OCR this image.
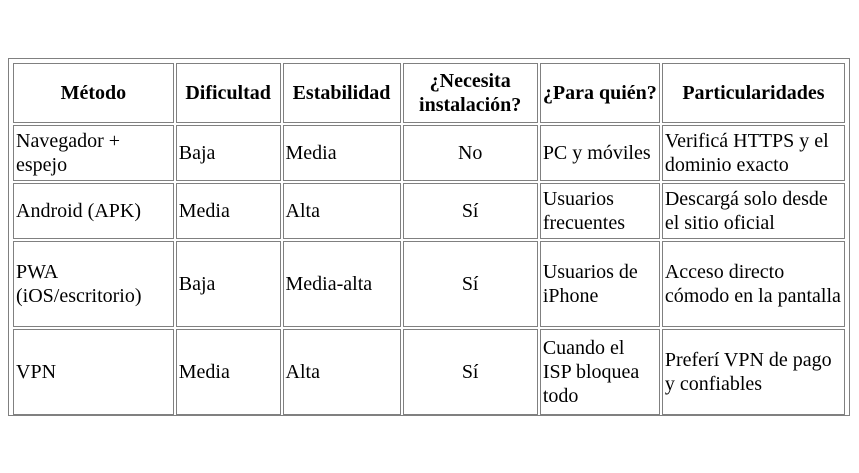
Método	Dificultad	Estabilidad	¿Necesita instalación?	¿Para quién?	Particularidades
Navegador + espejo	Baja	Media	No	PC y móviles	Verificá HTTPS y el dominio exacto
Android (APK)	Media	Alta	Sí	Usuarios frecuentes	Descargá solo desde el sitio oficial
PWA (iOS/escritorio)	Baja	Media-alta	Sí	Usuarios de iPhone	Acceso directo cómodo en la pantalla
VPN	Media	Alta	Sí	Cuando el ISP bloquea todo	Preferí VPN de pago y confiables
